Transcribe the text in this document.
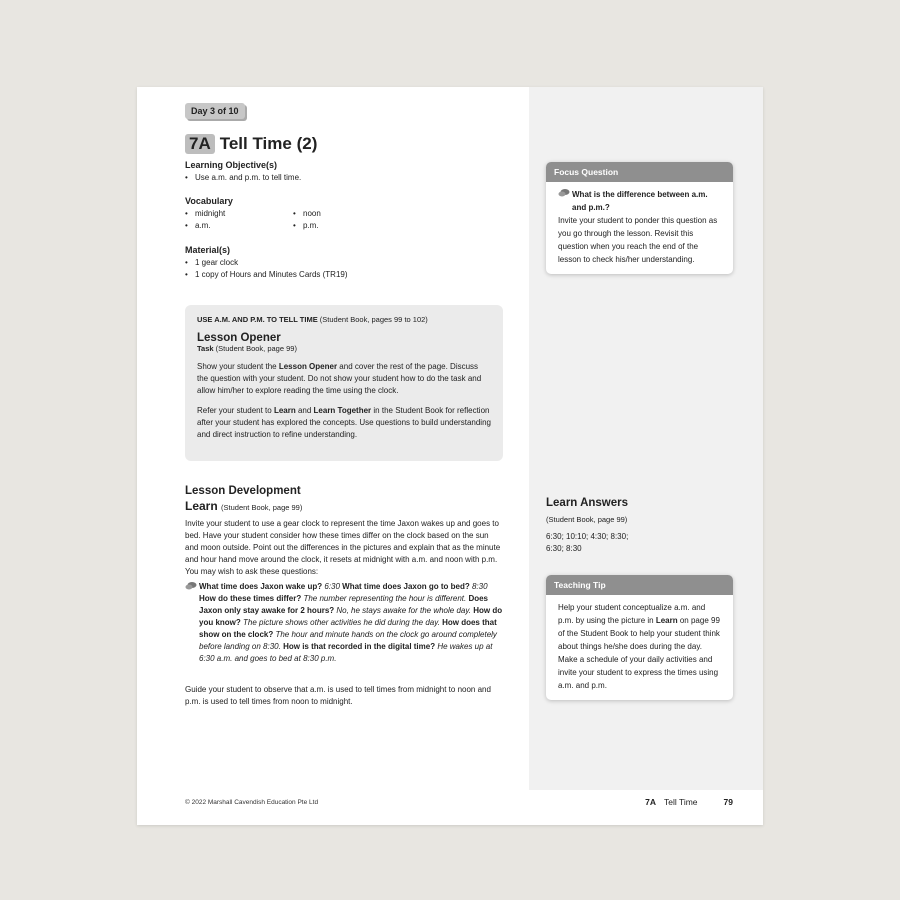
Day 3 of 10
7A Tell Time (2)
Learning Objective(s)
• Use a.m. and p.m. to tell time.
Vocabulary
• midnight	• noon
• a.m.	• p.m.
Material(s)
• 1 gear clock
• 1 copy of Hours and Minutes Cards (TR19)
USE A.M. AND P.M. TO TELL TIME (Student Book, pages 99 to 102)
Lesson Opener
Task (Student Book, page 99)

Show your student the Lesson Opener and cover the rest of the page. Discuss the question with your student. Do not show your student how to do the task and allow him/her to explore reading the time using the clock.

Refer your student to Learn and Learn Together in the Student Book for reflection after your student has explored the concepts. Use questions to build understanding and direct instruction to refine understanding.

Lesson Development
Learn (Student Book, page 99)

Invite your student to use a gear clock to represent the time Jaxon wakes up and goes to bed. Have your student consider how these times differ on the clock based on the sun and moon outside. Point out the differences in the pictures and explain that as the minute and hour hand move around the clock, it resets at midnight with a.m. and noon with p.m. You may wish to ask these questions:

What time does Jaxon wake up? 6:30 What time does Jaxon go to bed? 8:30 How do these times differ? The number representing the hour is different. Does Jaxon only stay awake for 2 hours? No, he stays awake for the whole day. How do you know? The picture shows other activities he did during the day. How does that show on the clock? The hour and minute hands on the clock go around completely before landing on 8:30. How is that recorded in the digital time? He wakes up at 6:30 a.m. and goes to bed at 8:30 p.m.

Guide your student to observe that a.m. is used to tell times from midnight to noon and p.m. is used to tell times from noon to midnight.

Focus Question
What is the difference between a.m. and p.m.?
Invite your student to ponder this question as you go through the lesson. Revisit this question when you reach the end of the lesson to check his/her understanding.
Learn Answers
(Student Book, page 99)
6:30; 10:10; 4:30; 8:30; 6:30; 8:30
Teaching Tip
Help your student conceptualize a.m. and p.m. by using the picture in Learn on page 99 of the Student Book to help your student think about things he/she does during the day. Make a schedule of your daily activities and invite your student to express the times using a.m. and p.m.
© 2022 Marshall Cavendish Education Pte Ltd	7A Tell Time	79
